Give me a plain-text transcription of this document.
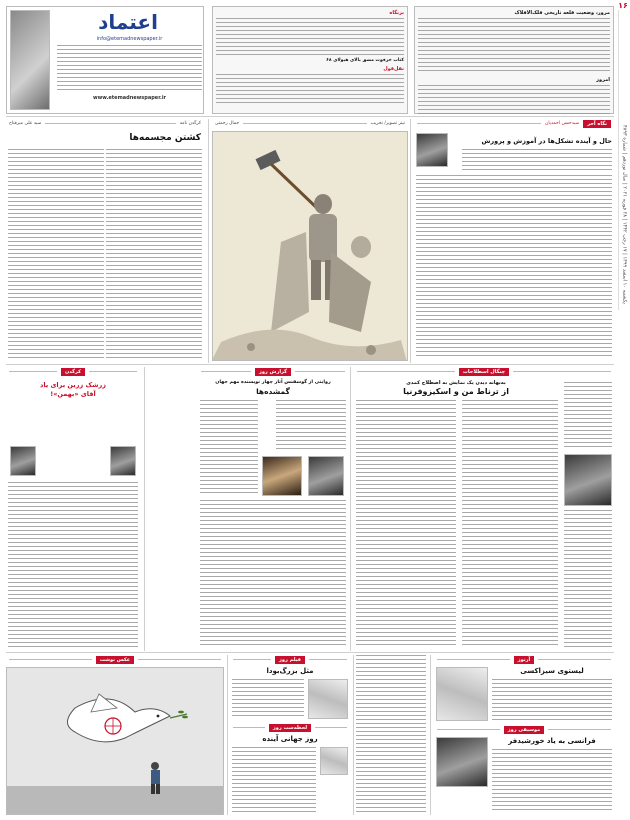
یکشنبه ۱۰ اسفند ۱۳۹۹ | ۱۷ رجب ۱۴۴۲ | ۲۸ فوریه ۲۰۲۱ | سال نوزدهم | شماره ۴۸۹۳
۱۶
مرور، وضعیت قلعه تاریخی فلک‌الافلاک
امروز
بزنگاه
کتاب خرقوت مشق بالای هیولای ۶۸
نقل‌قول
اعتماد
info@etemadnewspaper.ir
www.etemadnewspaper.ir
نگاه آخر
سیدحسن احمدیان
تیتر تصویر/ تخریب
جمال رحمتی
کرگدن نامه
سید علی میرفتاح
حال و آینده تشکل‌ها در آموزش و پرورش
کشتن مجسمه‌ها
چنگال اسطلاحات
گزارش روز
کرگدن
به‌بهانه دیدن یک نمایش به اصطلاح کمدی
از ترناط من و اسکیزوفرنیا
روایتی از گوسفنس آثار چهار نویسنده مهم جهان
گمشده‌ها
زرشک زرین برای یاد
آقای «بهمن»!
عکس نوشت	فیلم روز
مثل بزرگ‌بودا
لحظه‌ست روز
روز جهانی آینده
آرتوز
لیستوی سیزاکسی
موسیقی روز
فرانسی به یاد خورشیدفر
